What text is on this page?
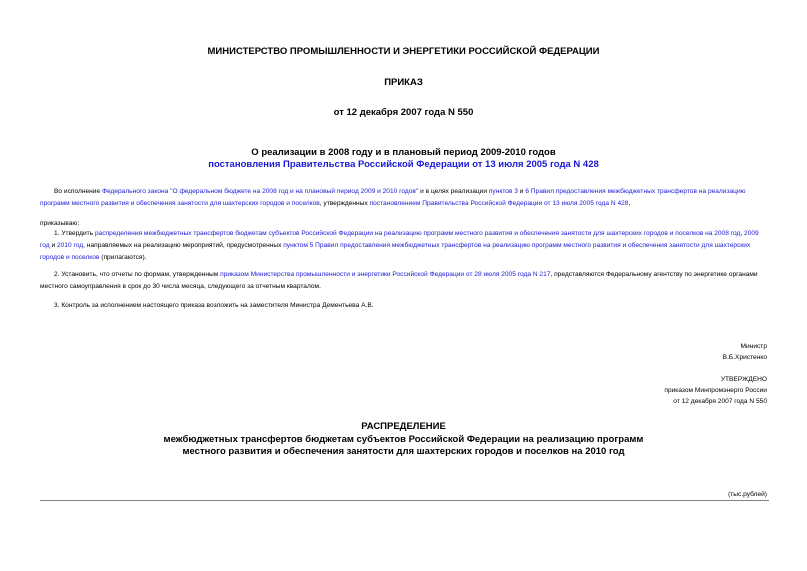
МИНИСТЕРСТВО ПРОМЫШЛЕННОСТИ И ЭНЕРГЕТИКИ РОССИЙСКОЙ ФЕДЕРАЦИИ
ПРИКАЗ
от 12 декабря 2007 года N 550
О реализации в 2008 году и в плановый период 2009-2010 годов
постановления Правительства Российской Федерации от 13 июля 2005 года N 428
Во исполнение Федерального закона "О федеральном бюджете на 2008 год и на плановый период 2009 и 2010 годов" и в целях реализации пунктов 3 и 6 Правил предоставления межбюджетных трансфертов на реализацию программ местного развития и обеспечения занятости для шахтерских городов и поселков, утвержденных постановлением Правительства Российской Федерации от 13 июля 2005 года N 428,
приказываю:
1. Утвердить распределения межбюджетных трансфертов бюджетам субъектов Российской Федерации на реализацию программ местного развития и обеспечения занятости для шахтерских городов и поселков на 2008 год, 2009 год и 2010 год, направляемых на реализацию мероприятий, предусмотренных пунктом 5 Правил предоставления межбюджетных трансфертов на реализацию программ местного развития и обеспечения занятости для шахтерских городов и поселков (прилагаются).
2. Установить, что отчеты по формам, утвержденным приказом Министерства промышленности и энергетики Российской Федерации от 28 июля 2005 года N 217, представляются Федеральному агентству по энергетике органами местного самоуправления в срок до 30 числа месяца, следующего за отчетным кварталом.
3. Контроль за исполнением настоящего приказа возложить на заместителя Министра Дементьева А.В.
Министр
В.Б.Христенко
УТВЕРЖДЕНО
приказом Минпромэнерго России
от 12 декабря 2007 года N 550
РАСПРЕДЕЛЕНИЕ
межбюджетных трансфертов бюджетам субъектов Российской Федерации на реализацию программ
местного развития и обеспечения занятости для шахтерских городов и поселков на 2010 год
(тыс.рублей)
